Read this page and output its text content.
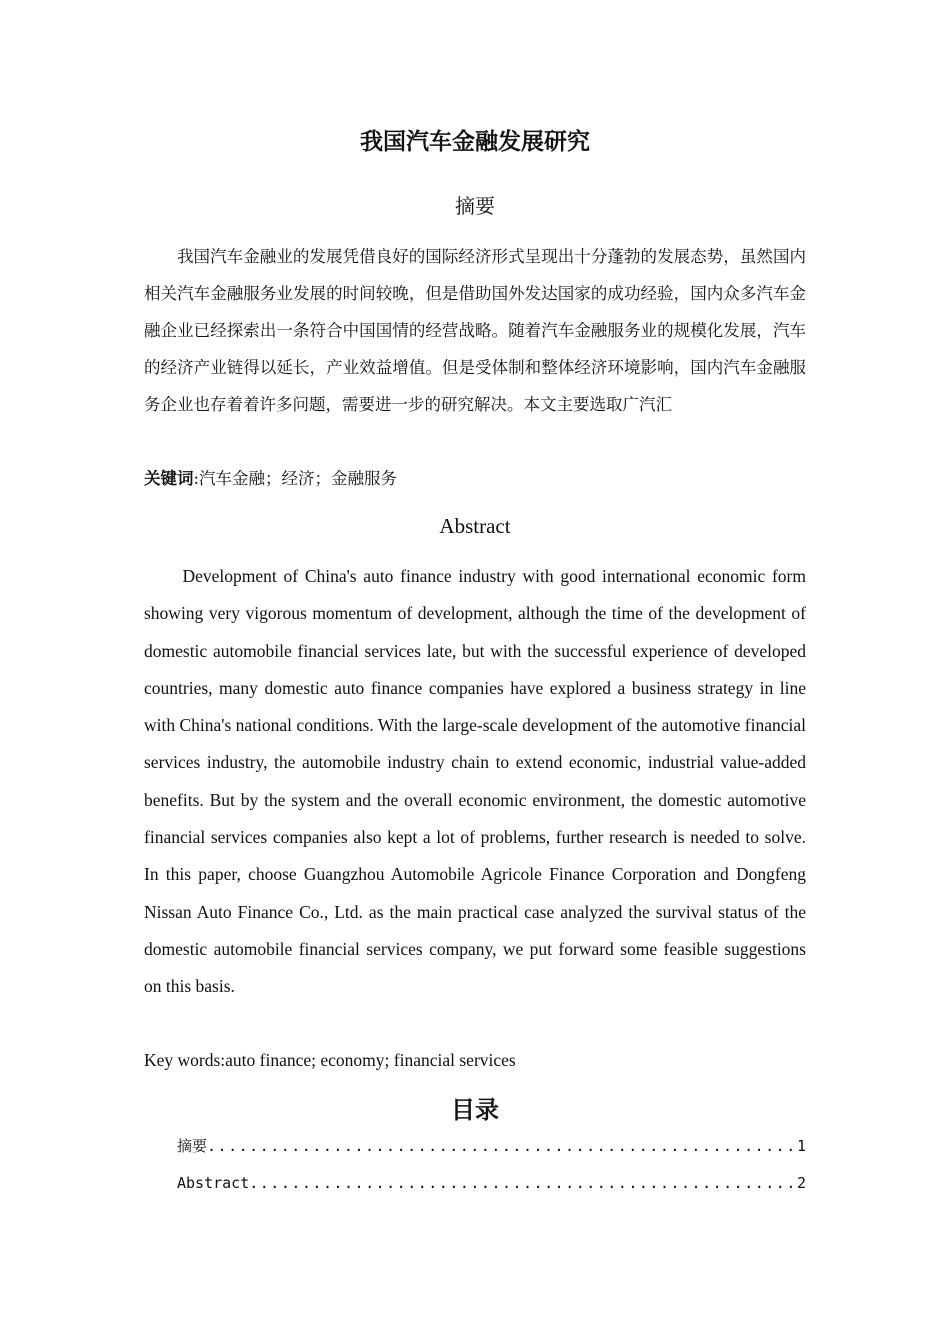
我国汽车金融发展研究
摘要
我国汽车金融业的发展凭借良好的国际经济形式呈现出十分蓬勃的发展态势，虽然国内相关汽车金融服务业发展的时间较晚，但是借助国外发达国家的成功经验，国内众多汽车金融企业已经探索出一条符合中国国情的经营战略。随着汽车金融服务业的规模化发展，汽车的经济产业链得以延长，产业效益增值。但是受体制和整体经济环境影响，国内汽车金融服务企业也存着着许多问题，需要进一步的研究解决。本文主要选取广汽汇
关键词:汽车金融；经济；金融服务
Abstract
Development of China's auto finance industry with good international economic form showing very vigorous momentum of development, although the time of the development of domestic automobile financial services late, but with the successful experience of developed countries, many domestic auto finance companies have explored a business strategy in line with China's national conditions. With the large-scale development of the automotive financial services industry, the automobile industry chain to extend economic, industrial value-added benefits. But by the system and the overall economic environment, the domestic automotive financial services companies also kept a lot of problems, further research is needed to solve. In this paper, choose Guangzhou Automobile Agricole Finance Corporation and Dongfeng Nissan Auto Finance Co., Ltd. as the main practical case analyzed the survival status of the domestic automobile financial services company, we put forward some feasible suggestions on this basis.
Key words:auto finance; economy; financial services
目录
摘要 .....	1
Abstract .....	2
